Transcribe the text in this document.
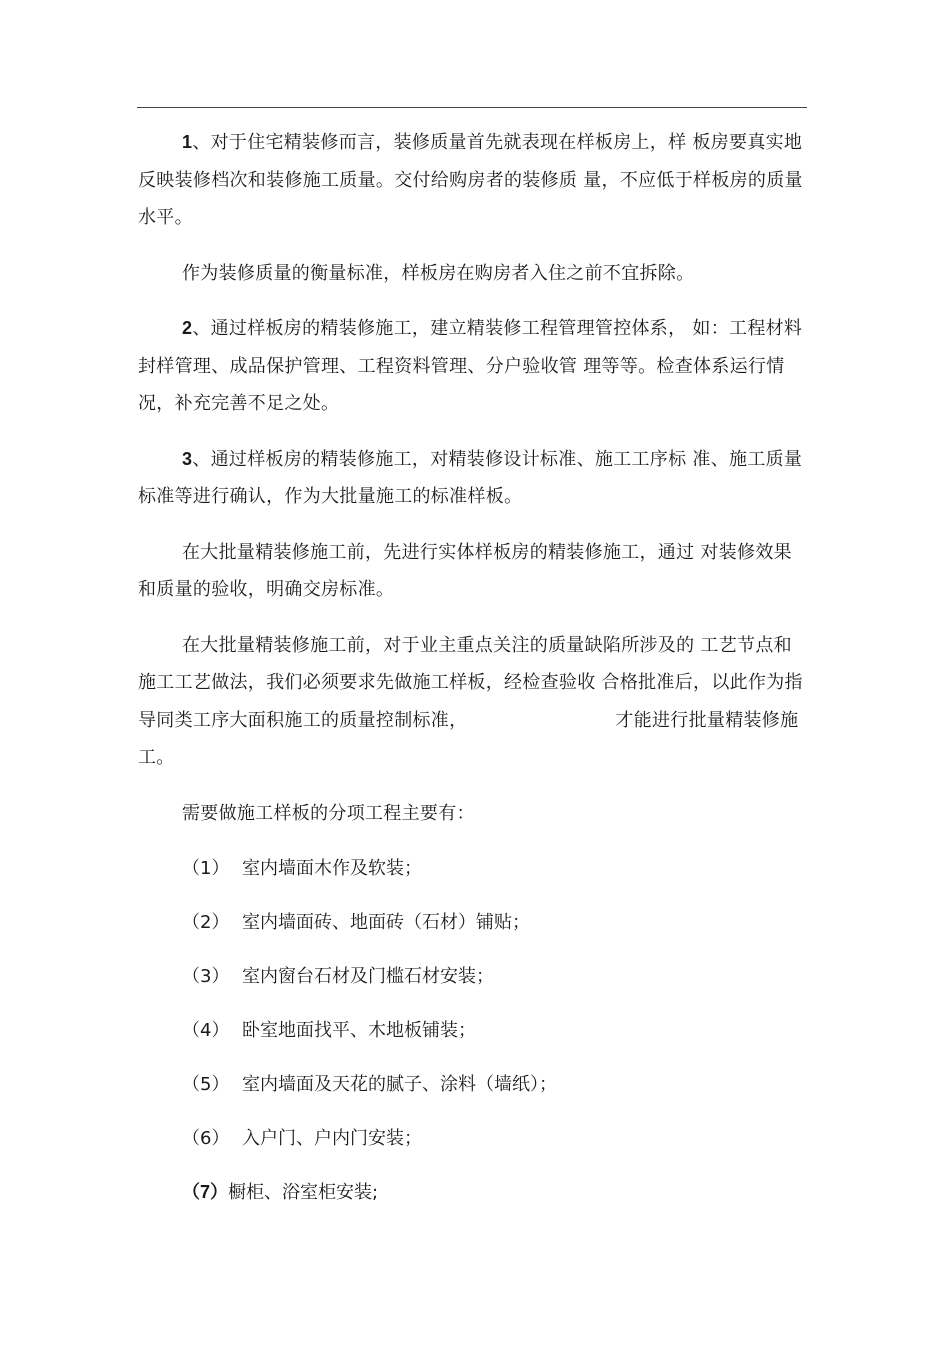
1、对于住宅精装修而言，装修质量首先就表现在样板房上，样 板房要真实地反映装修档次和装修施工质量。交付给购房者的装修质 量，不应低于样板房的质量水平。

作为装修质量的衡量标准，样板房在购房者入住之前不宜拆除。

2、通过样板房的精装修施工，建立精装修工程管理管控体系， 如：工程材料封样管理、成品保护管理、工程资料管理、分户验收管 理等等。检查体系运行情况，补充完善不足之处。

3、通过样板房的精装修施工，对精装修设计标准、施工工序标 准、施工质量标准等进行确认，作为大批量施工的标准样板。

在大批量精装修施工前，先进行实体样板房的精装修施工，通过 对装修效果和质量的验收，明确交房标准。

在大批量精装修施工前，对于业主重点关注的质量缺陷所涉及的 工艺节点和施工工艺做法，我们必须要求先做施工样板，经检查验收 合格批准后，以此作为指导同类工序大面积施工的质量控制标准，	才能进行批量精装修施工。

需要做施工样板的分项工程主要有：

（1） 室内墙面木作及软装；
（2） 室内墙面砖、地面砖（石材）铺贴；
（3） 室内窗台石材及门槛石材安装；
（4） 卧室地面找平、木地板铺装；
（5） 室内墙面及天花的腻子、涂料（墙纸）；
（6） 入户门、户内门安装；
（7）橱柜、浴室柜安装;
